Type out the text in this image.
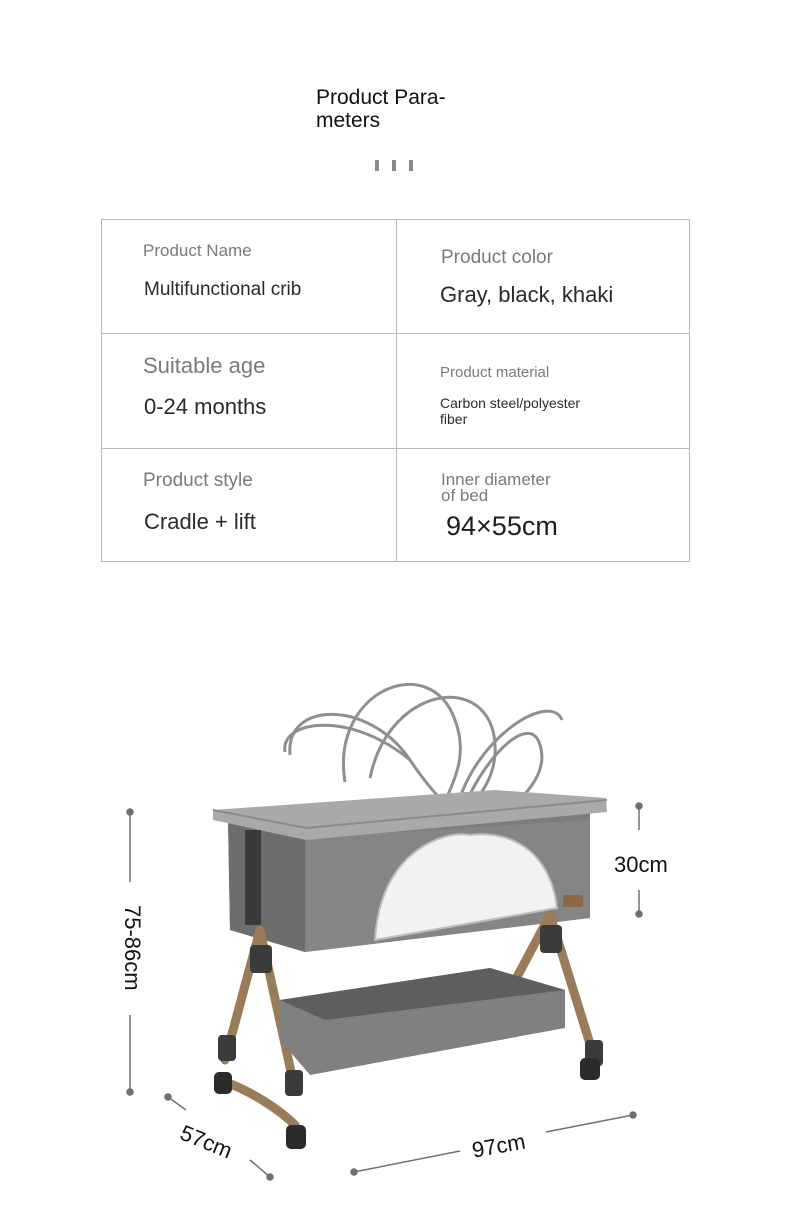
Product Para-
meters
Product Name
Multifunctional crib
Product color
Gray, black, khaki
Suitable age
0-24 months
Product material
Carbon steel/polyester
fiber
Product style
Cradle + lift
Inner diameter
of bed
94×55cm
75-86cm
30cm
57cm	97cm
